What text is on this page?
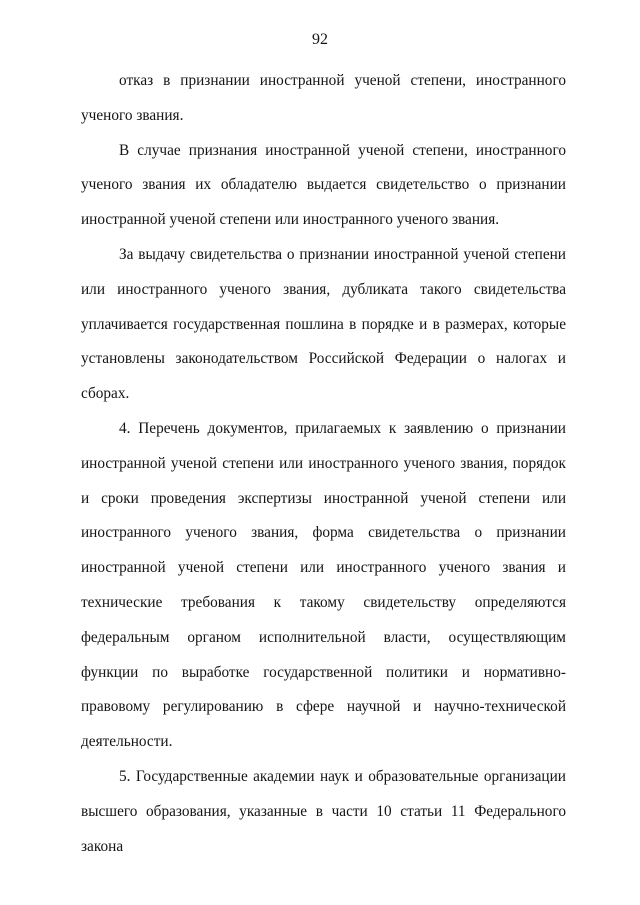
92

отказ в признании иностранной ученой степени, иностранного ученого звания.

В случае признания иностранной ученой степени, иностранного ученого звания их обладателю выдается свидетельство о признании иностранной ученой степени или иностранного ученого звания.

За выдачу свидетельства о признании иностранной ученой степени или иностранного ученого звания, дубликата такого свидетельства уплачивается государственная пошлина в порядке и в размерах, которые установлены законодательством Российской Федерации о налогах и сборах.

4. Перечень документов, прилагаемых к заявлению о признании иностранной ученой степени или иностранного ученого звания, порядок и сроки проведения экспертизы иностранной ученой степени или иностранного ученого звания, форма свидетельства о признании иностранной ученой степени или иностранного ученого звания и технические требования к такому свидетельству определяются федеральным органом исполнительной власти, осуществляющим функции по выработке государственной политики и нормативно-правовому регулированию в сфере научной и научно-технической деятельности.

5. Государственные академии наук и образовательные организации высшего образования, указанные в части 10 статьи 11 Федерального закона
